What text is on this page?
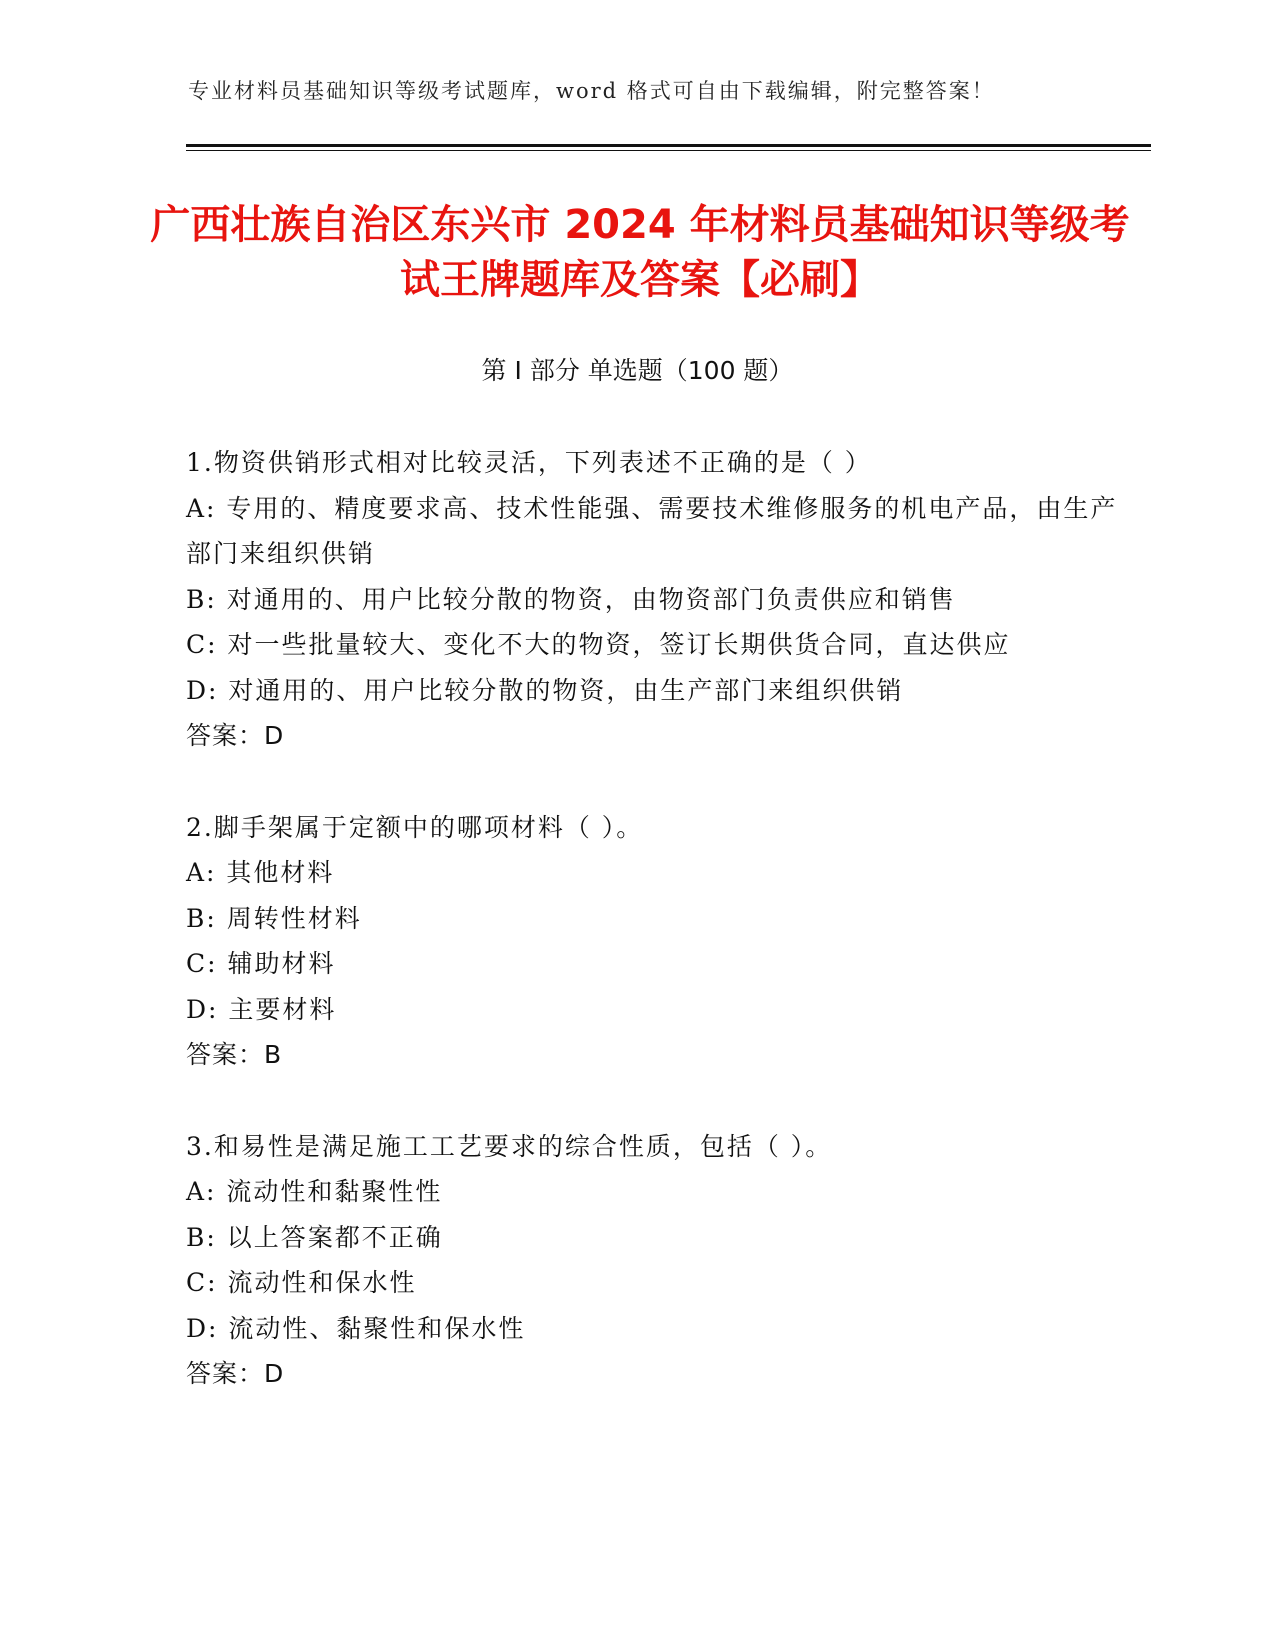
专业材料员基础知识等级考试题库，word 格式可自由下载编辑，附完整答案！
广西壮族自治区东兴市 2024 年材料员基础知识等级考试王牌题库及答案【必刷】
第 I 部分 单选题（100 题）
1.物资供销形式相对比较灵活，下列表述不正确的是（ ）
A: 专用的、精度要求高、技术性能强、需要技术维修服务的机电产品，由生产部门来组织供销
B: 对通用的、用户比较分散的物资，由物资部门负责供应和销售
C: 对一些批量较大、变化不大的物资，签订长期供货合同，直达供应
D: 对通用的、用户比较分散的物资，由生产部门来组织供销
答案：D
2.脚手架属于定额中的哪项材料（ ）。
A: 其他材料
B: 周转性材料
C: 辅助材料
D: 主要材料
答案：B
3.和易性是满足施工工艺要求的综合性质，包括（ ）。
A: 流动性和黏聚性性
B: 以上答案都不正确
C: 流动性和保水性
D: 流动性、黏聚性和保水性
答案：D
